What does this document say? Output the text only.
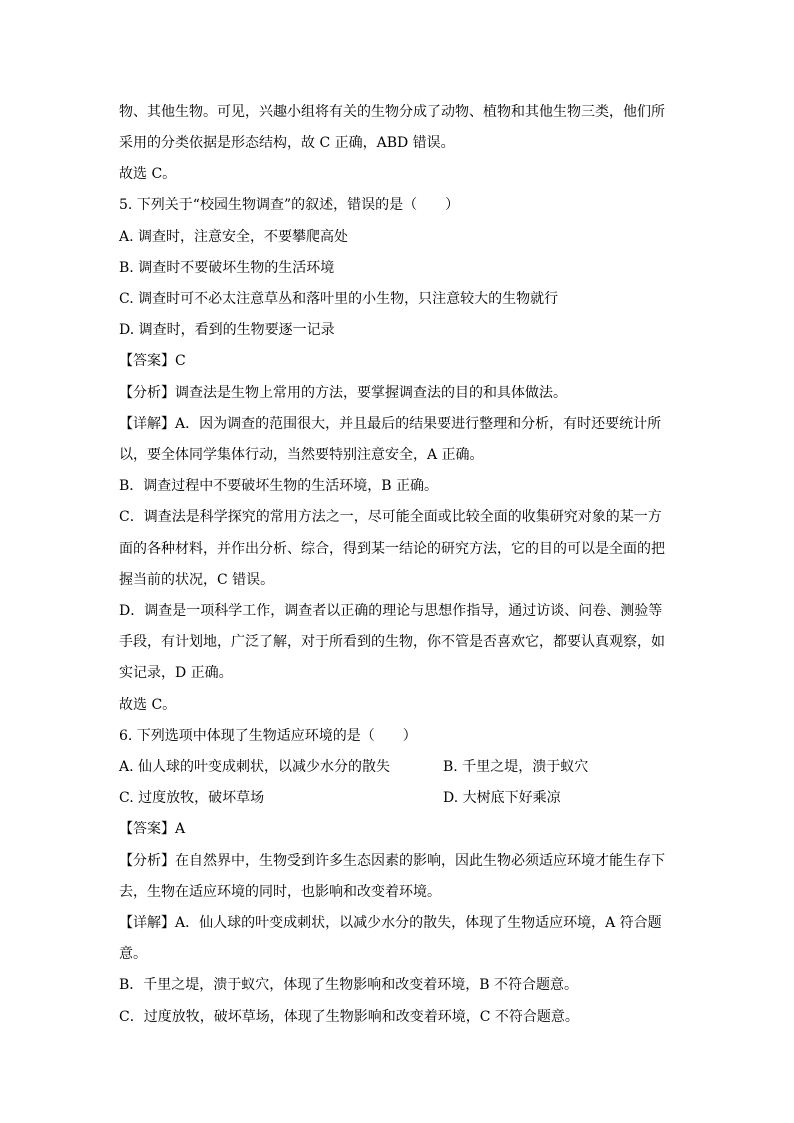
物、其他生物。可见，兴趣小组将有关的生物分成了动物、植物和其他生物三类，他们所
采用的分类依据是形态结构，故 C 正确，ABD 错误。
故选 C。
5. 下列关于“校园生物调查”的叙述，错误的是（　　）
A. 调查时，注意安全，不要攀爬高处
B. 调查时不要破坏生物的生活环境
C. 调查时可不必太注意草丛和落叶里的小生物，只注意较大的生物就行
D. 调查时，看到的生物要逐一记录
【答案】C
【分析】调查法是生物上常用的方法，要掌握调查法的目的和具体做法。
【详解】A．因为调查的范围很大，并且最后的结果要进行整理和分析，有时还要统计所
以，要全体同学集体行动，当然要特别注意安全，A 正确。
B．调查过程中不要破坏生物的生活环境，B 正确。
C．调查法是科学探究的常用方法之一，尽可能全面或比较全面的收集研究对象的某一方
面的各种材料，并作出分析、综合，得到某一结论的研究方法，它的目的可以是全面的把
握当前的状况，C 错误。
D．调查是一项科学工作，调查者以正确的理论与思想作指导，通过访谈、问卷、测验等
手段，有计划地，广泛了解，对于所看到的生物，你不管是否喜欢它，都要认真观察，如
实记录，D 正确。
故选 C。
6. 下列选项中体现了生物适应环境的是（　　）
A. 仙人球的叶变成刺状，以减少水分的散失	B. 千里之堤，溃于蚁穴
C. 过度放牧，破坏草场	D. 大树底下好乘凉
【答案】A
【分析】在自然界中，生物受到许多生态因素的影响，因此生物必须适应环境才能生存下
去，生物在适应环境的同时，也影响和改变着环境。
【详解】A．仙人球的叶变成刺状，以减少水分的散失，体现了生物适应环境，A 符合题
意。
B．千里之堤，溃于蚁穴，体现了生物影响和改变着环境，B 不符合题意。
C．过度放牧，破坏草场，体现了生物影响和改变着环境，C 不符合题意。
